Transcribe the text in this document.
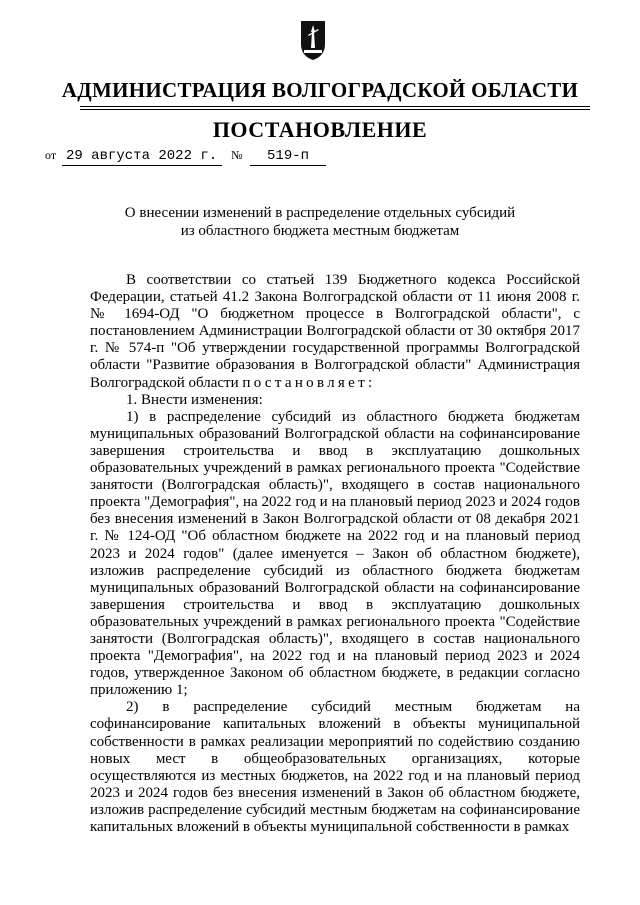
АДМИНИСТРАЦИЯ ВОЛГОГРАДСКОЙ ОБЛАСТИ
ПОСТАНОВЛЕНИЕ
от 29 августа 2022 г. № 519-п
О внесении изменений в распределение отдельных субсидий
из областного бюджета местным бюджетам

В соответствии со статьей 139 Бюджетного кодекса Российской Федерации, статьей 41.2 Закона Волгоградской области от 11 июня 2008 г. № 1694-ОД "О бюджетном процессе в Волгоградской области", с постановлением Администрации Волгоградской области от 30 октября 2017 г. № 574-п "Об утверждении государственной программы Волгоградской области "Развитие образования в Волгоградской области" Администрация Волгоградской области постановляет:

1. Внести изменения:

1) в распределение субсидий из областного бюджета бюджетам муниципальных образований Волгоградской области на софинансирование завершения строительства и ввод в эксплуатацию дошкольных образовательных учреждений в рамках регионального проекта "Содействие занятости (Волгоградская область)", входящего в состав национального проекта "Демография", на 2022 год и на плановый период 2023 и 2024 годов без внесения изменений в Закон Волгоградской области от 08 декабря 2021 г. № 124-ОД "Об областном бюджете на 2022 год и на плановый период 2023 и 2024 годов" (далее именуется – Закон об областном бюджете), изложив распределение субсидий из областного бюджета бюджетам муниципальных образований Волгоградской области на софинансирование завершения строительства и ввод в эксплуатацию дошкольных образовательных учреждений в рамках регионального проекта "Содействие занятости (Волгоградская область)", входящего в состав национального проекта "Демография", на 2022 год и на плановый период 2023 и 2024 годов, утвержденное Законом об областном бюджете, в редакции согласно приложению 1;

2) в распределение субсидий местным бюджетам на софинансирование капитальных вложений в объекты муниципальной собственности в рамках реализации мероприятий по содействию созданию новых мест в общеобразовательных организациях, которые осуществляются из местных бюджетов, на 2022 год и на плановый период 2023 и 2024 годов без внесения изменений в Закон об областном бюджете, изложив распределение субсидий местным бюджетам на софинансирование капитальных вложений в объекты муниципальной собственности в рамках
